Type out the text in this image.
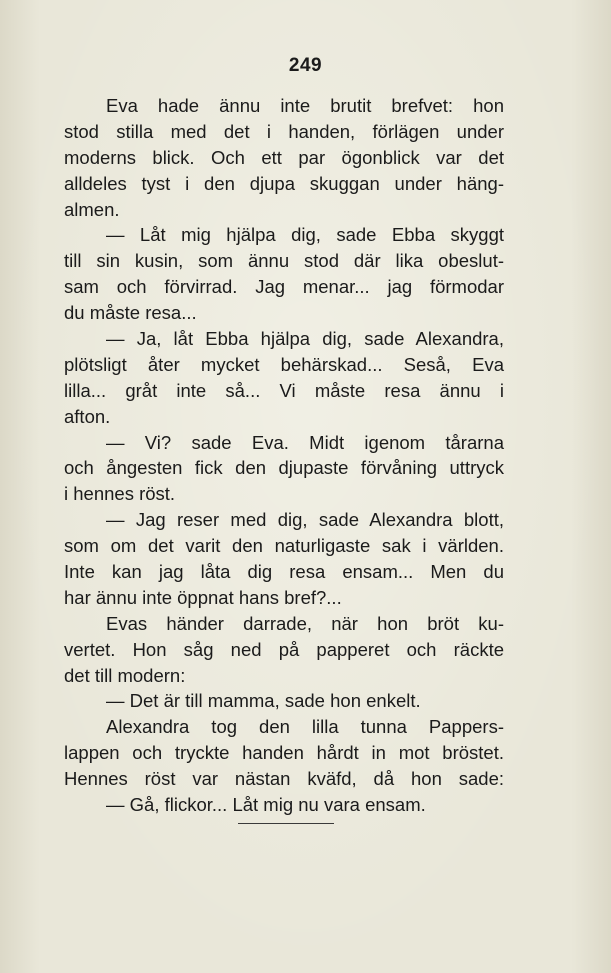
249
Eva hade ännu inte brutit brefvet: hon
stod stilla med det i handen, förlägen under
moderns blick. Och ett par ögonblick var det
alldeles tyst i den djupa skuggan under häng-
almen.
— Låt mig hjälpa dig, sade Ebba skyggt
till sin kusin, som ännu stod där lika obeslut-
sam och förvirrad. Jag menar... jag förmodar
du måste resa...
— Ja, låt Ebba hjälpa dig, sade Alexandra,
plötsligt åter mycket behärskad... Seså, Eva
lilla... gråt inte så... Vi måste resa ännu i
afton.
— Vi? sade Eva. Midt igenom tårarna
och ångesten fick den djupaste förvåning uttryck
i hennes röst.
— Jag reser med dig, sade Alexandra blott,
som om det varit den naturligaste sak i världen.
Inte kan jag låta dig resa ensam... Men du
har ännu inte öppnat hans bref?...
Evas händer darrade, när hon bröt ku-
vertet. Hon såg ned på papperet och räckte
det till modern:
— Det är till mamma, sade hon enkelt.
Alexandra tog den lilla tunna Pappers-
lappen och tryckte handen hårdt in mot bröstet.
Hennes röst var nästan kväfd, då hon sade:
— Gå, flickor... Låt mig nu vara ensam.
